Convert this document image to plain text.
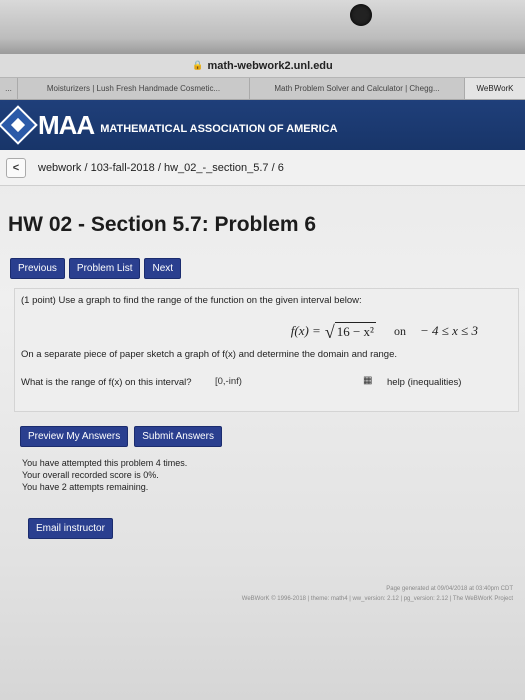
🔒 math-webwork2.unl.edu
...	Moisturizers | Lush Fresh Handmade Cosmetic...	Math Problem Solver and Calculator | Chegg...	WeBWorK
MAA MATHEMATICAL ASSOCIATION OF AMERICA
<	webwork / 103-fall-2018 / hw_02_-_section_5.7 / 6
HW 02 - Section 5.7: Problem 6
Previous	Problem List	Next
(1 point) Use a graph to find the range of the function on the given interval below:
f(x) = √ 16 − x² on − 4 ≤ x ≤ 3
On a separate piece of paper sketch a graph of f(x) and determine the domain and range.
What is the range of f(x) on this interval?
[0,-inf)	▦ help (inequalities)
Preview My Answers	Submit Answers
You have attempted this problem 4 times.
Your overall recorded score is 0%.
You have 2 attempts remaining.
Email instructor
Page generated at 09/04/2018 at 03:40pm CDT
WeBWorK © 1996-2018 | theme: math4 | ww_version: 2.12 | pg_version: 2.12 | The WeBWorK Project
